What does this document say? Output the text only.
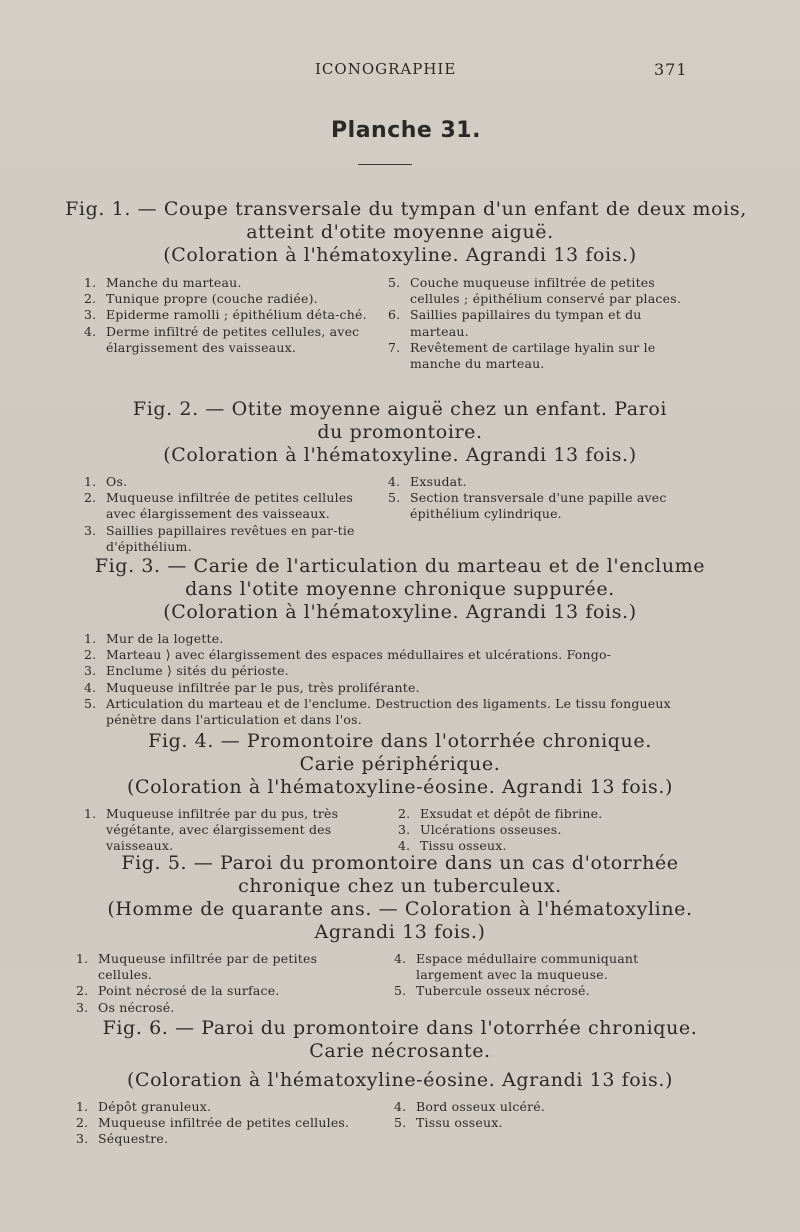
ICONOGRAPHIE	371
Planche 31.
Fig. 1. — Coupe transversale du tympan d'un enfant de deux mois,
atteint d'otite moyenne aiguë.
(Coloration à l'hématoxyline. Agrandi 13 fois.)
1. Manche du marteau.
2. Tunique propre (couche radiée).
3. Epiderme ramolli ; épithélium déta-ché.
4. Derme infiltré de petites cellules, avec élargissement des vaisseaux.
5. Couche muqueuse infiltrée de petites cellules ; épithélium conservé par places.
6. Saillies papillaires du tympan et du marteau.
7. Revêtement de cartilage hyalin sur le manche du marteau.
Fig. 2. — Otite moyenne aiguë chez un enfant. Paroi
du promontoire.
(Coloration à l'hématoxyline. Agrandi 13 fois.)
1. Os.
2. Muqueuse infiltrée de petites cellules avec élargissement des vaisseaux.
3. Saillies papillaires revêtues en par-tie d'épithélium.
4. Exsudat.
5. Section transversale d'une papille avec épithélium cylindrique.
Fig. 3. — Carie de l'articulation du marteau et de l'enclume
dans l'otite moyenne chronique suppurée.
(Coloration à l'hématoxyline. Agrandi 13 fois.)
1. Mur de la logette.
2. Marteau ⟩ avec élargissement des espaces médullaires et ulcérations. Fongo-
3. Enclume ⟩ sités du périoste.
4. Muqueuse infiltrée par le pus, très proliférante.
5. Articulation du marteau et de l'enclume. Destruction des ligaments. Le tissu fongueux pénètre dans l'articulation et dans l'os.
Fig. 4. — Promontoire dans l'otorrhée chronique.
Carie périphérique.
(Coloration à l'hématoxyline-éosine. Agrandi 13 fois.)
1. Muqueuse infiltrée par du pus, très végétante, avec élargissement des vaisseaux.
2. Exsudat et dépôt de fibrine.
3. Ulcérations osseuses.
4. Tissu osseux.
Fig. 5. — Paroi du promontoire dans un cas d'otorrhée
chronique chez un tuberculeux.
(Homme de quarante ans. — Coloration à l'hématoxyline.
Agrandi 13 fois.)
1. Muqueuse infiltrée par de petites cellules.
2. Point nécrosé de la surface.
3. Os nécrosé.
4. Espace médullaire communiquant largement avec la muqueuse.
5. Tubercule osseux nécrosé.
Fig. 6. — Paroi du promontoire dans l'otorrhée chronique.
Carie nécrosante.
(Coloration à l'hématoxyline-éosine. Agrandi 13 fois.)
1. Dépôt granuleux.
2. Muqueuse infiltrée de petites cellules.
3. Séquestre.
4. Bord osseux ulcéré.
5. Tissu osseux.
